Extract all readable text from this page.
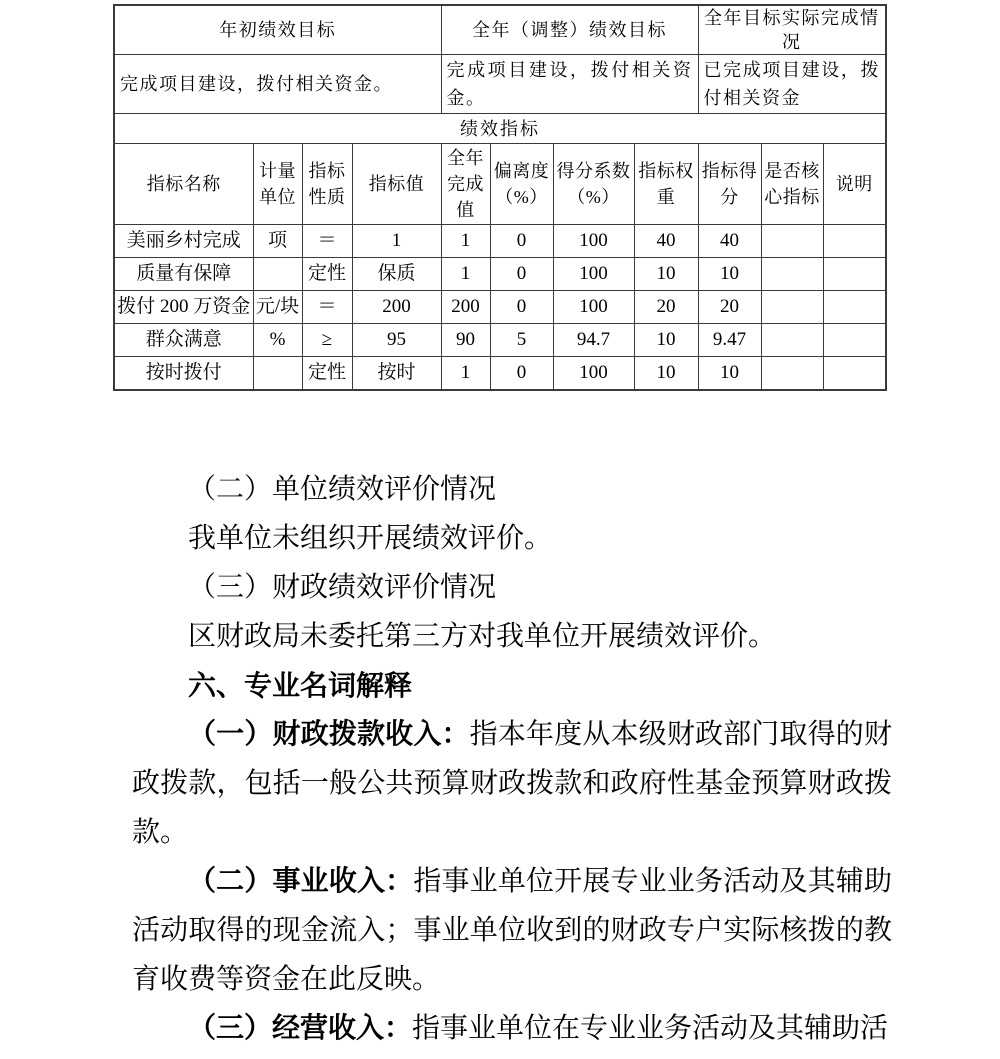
年初绩效目标				全年（调整）绩效目标				全年目标实际完成情况		
完成项目建设，拨付相关资金。				完成项目建设，拨付相关资金。				已完成项目建设，拨付相关资金		
绩效指标										
指标名称	计量单位	指标性质	指标值	全年完成值	偏离度（%）	得分系数（%）	指标权重	指标得分	是否核心指标	说明
美丽乡村完成	项	＝	1	1	0	100	40	40		
质量有保障		定性	保质	1	0	100	10	10		
拨付 200 万资金	元/块	＝	200	200	0	100	20	20		
群众满意	%	≥	95	90	5	94.7	10	9.47		
按时拨付		定性	按时	1	0	100	10	10		

（二）单位绩效评价情况

我单位未组织开展绩效评价。

（三）财政绩效评价情况

区财政局未委托第三方对我单位开展绩效评价。

六、专业名词解释

（一）财政拨款收入：指本年度从本级财政部门取得的财政拨款，包括一般公共预算财政拨款和政府性基金预算财政拨款。

（二）事业收入：指事业单位开展专业业务活动及其辅助活动取得的现金流入；事业单位收到的财政专户实际核拨的教育收费等资金在此反映。

（三）经营收入：指事业单位在专业业务活动及其辅助活
